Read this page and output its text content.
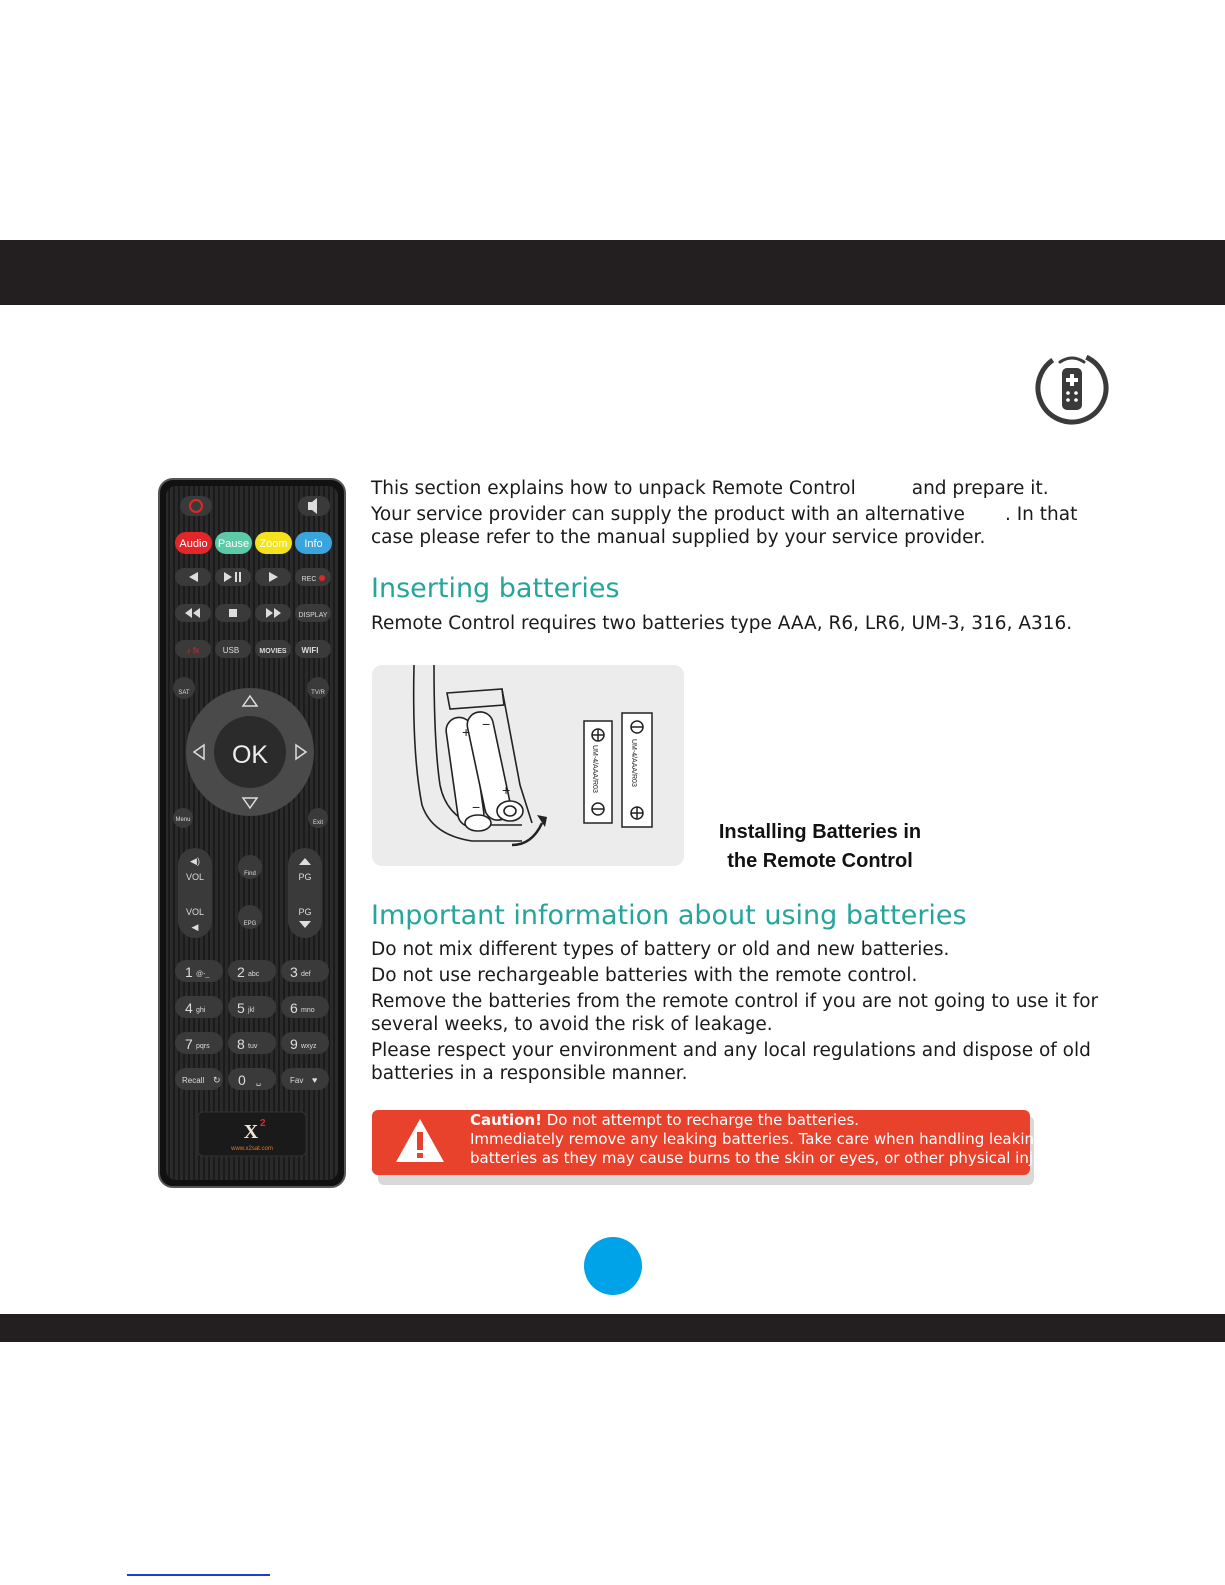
Audio Pause Zoom Info
REC
DISPLAY
♪ fx	USB	MOVIES WIFI
SAT	TV/R
OK
Menu	Exit
VOL
VOL
◀)
◀
Find
EPG
PG
PG
1 @-_ 2 abc 3 def
4 ghi 5 jkl	6 mno
7 pqrs 8 tuv 9 wxyz
Recall ↻ 0 ␣	Fav ♥
X 2
www.x2sat.com
This section explains how to unpack Remote Control	and prepare it.
Your service provider can supply the product with an alternative . In that
case please refer to the manual supplied by your service provider.
Inserting batteries
Remote Control requires two batteries type AAA, R6, LR6, UM-3, 316, A316.
+ −
−
+	UM-4/AAA/R03	UM-4/AAA/R03
Installing Batteries in
the Remote Control
Important information about using batteries
Do not mix different types of battery or old and new batteries.
Do not use rechargeable batteries with the remote control.
Remove the batteries from the remote control if you are not going to use it for
several weeks, to avoid the risk of leakage.
Please respect your environment and any local regulations and dispose of old
batteries in a responsible manner.
Caution! Do not attempt to recharge the batteries.
Immediately remove any leaking batteries. Take care when handling leaking
batteries as they may cause burns to the skin or eyes, or other physical injuries.
